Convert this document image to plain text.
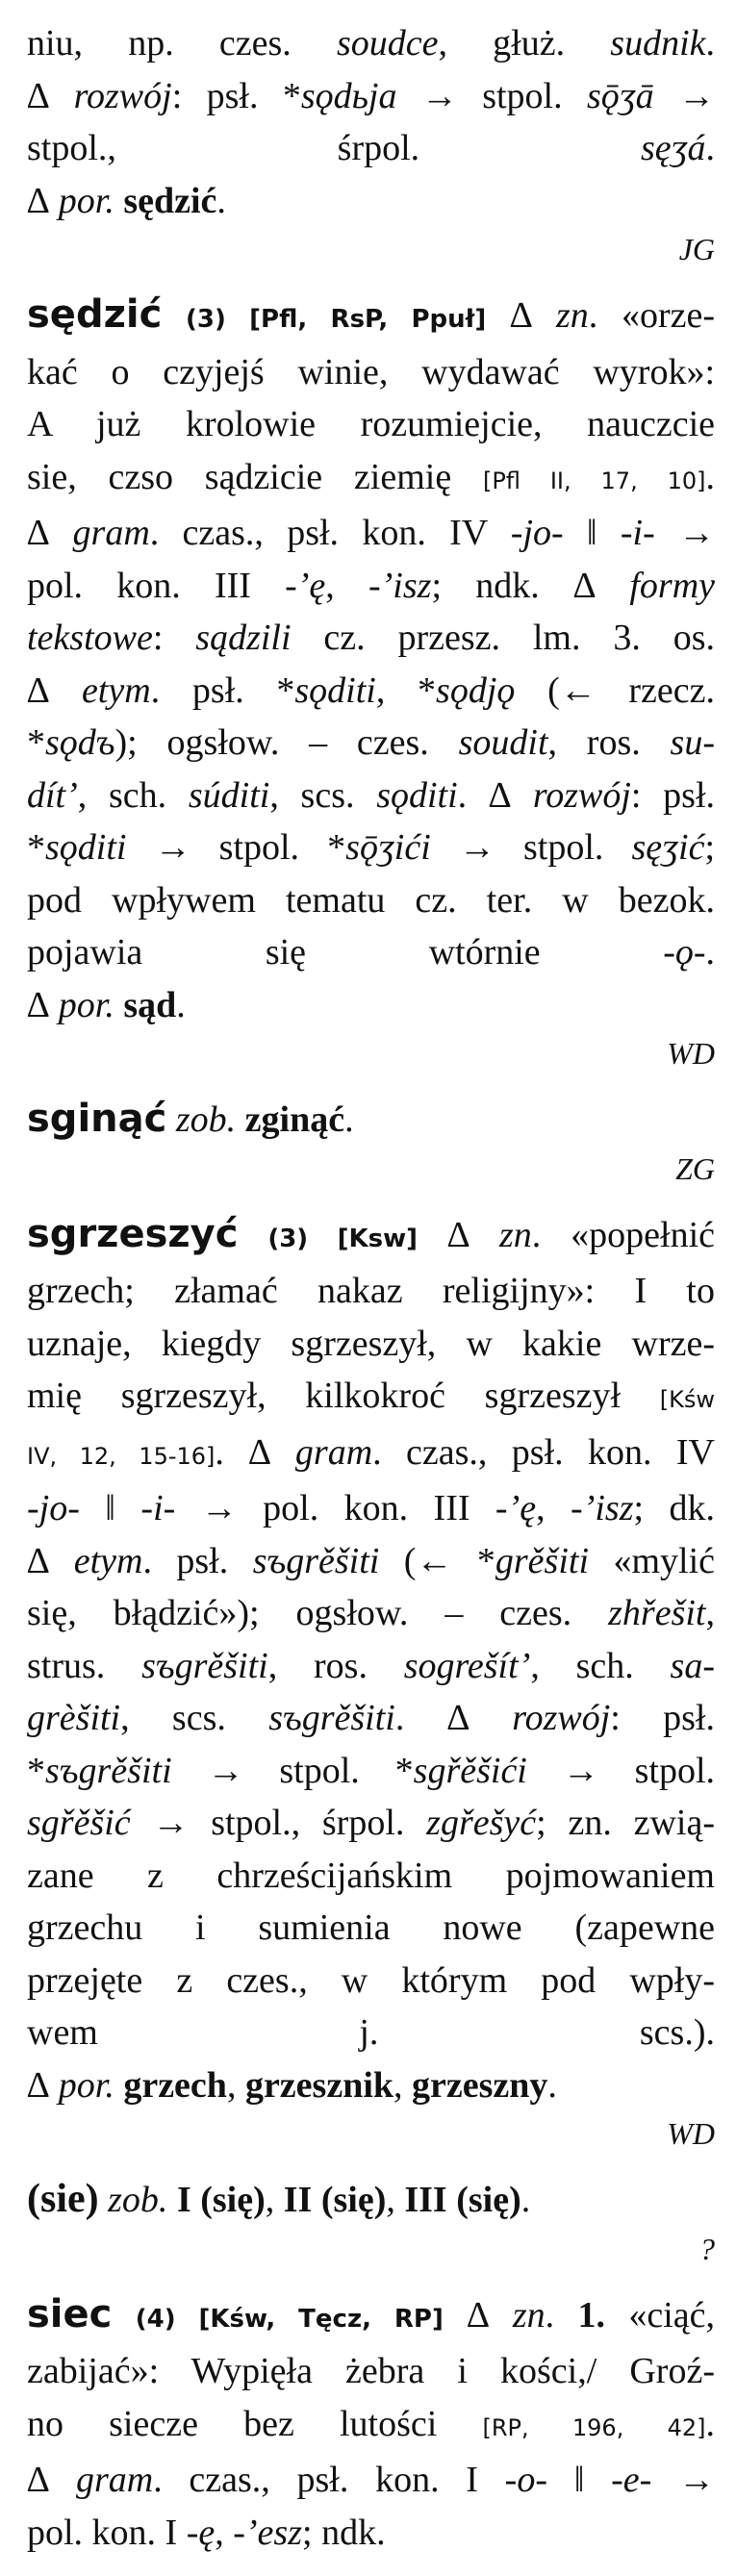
niu, np. czes. soudce, głuż. sudnik.
∆ rozwój: psł. *sǫdьja → stpol. sǭʒā →
stpol., śrpol. sęʒá.
∆ por. sędzić.
JG
sędzić (3) [Pfl, RsP, Ppuł] ∆ zn. «orze-
kać o czyjejś winie, wydawać wyrok»:
A już krolowie rozumiejcie, nauczcie
sie, czso sądzicie ziemię [Pfl II, 17, 10].
∆ gram. czas., psł. kon. IV -jo- ‖ -i- →
pol. kon. III -’ę, -’isz; ndk. ∆ formy
tekstowe: sądzili cz. przesz. lm. 3. os.
∆ etym. psł. *sǫditi, *sǫdjǫ (← rzecz.
*sǫdъ); ogsłow. – czes. soudit, ros. su-
dít’, sch. súditi, scs. sǫditi. ∆ rozwój: psł.
*sǫditi → stpol. *sǭʒići → stpol. sęʒić;
pod wpływem tematu cz. ter. w bezok.
pojawia się wtórnie -ǫ-.
∆ por. sąd.
WD
sginąć zob. zginąć.
ZG
sgrzeszyć (3) [Ksw] ∆ zn. «popełnić
grzech; złamać nakaz religijny»: I to
uznaje, kiegdy sgrzeszył, w kakie wrze-
mię sgrzeszył, kilkokroć sgrzeszył [Kśw
IV, 12, 15-16]. ∆ gram. czas., psł. kon. IV
-jo- ‖ -i- → pol. kon. III -’ę, -’isz; dk.
∆ etym. psł. sъgrěšiti (← *grěšiti «mylić
się, błądzić»); ogsłow. – czes. zhřešit,
strus. sъgrěšiti, ros. sogrešít’, sch. sa-
grèšiti, scs. sъgrěšiti. ∆ rozwój: psł.
*sъgrěšiti → stpol. *sgřěšići → stpol.
sgřěšić → stpol., śrpol. zgřešyć; zn. zwią-
zane z chrześcijańskim pojmowaniem
grzechu i sumienia nowe (zapewne
przejęte z czes., w którym pod wpły-
wem j. scs.).
∆ por. grzech, grzesznik, grzeszny.
WD
(sie) zob. I (się), II (się), III (się).
?
siec (4) [Kśw, Tęcz, RP] ∆ zn. 1. «ciąć,
zabijać»: Wypięła żebra i kości,/ Groź-
no siecze bez lutości [RP, 196, 42].
∆ gram. czas., psł. kon. I -o- ‖ -e- →
pol. kon. I -ę, -’esz; ndk.
